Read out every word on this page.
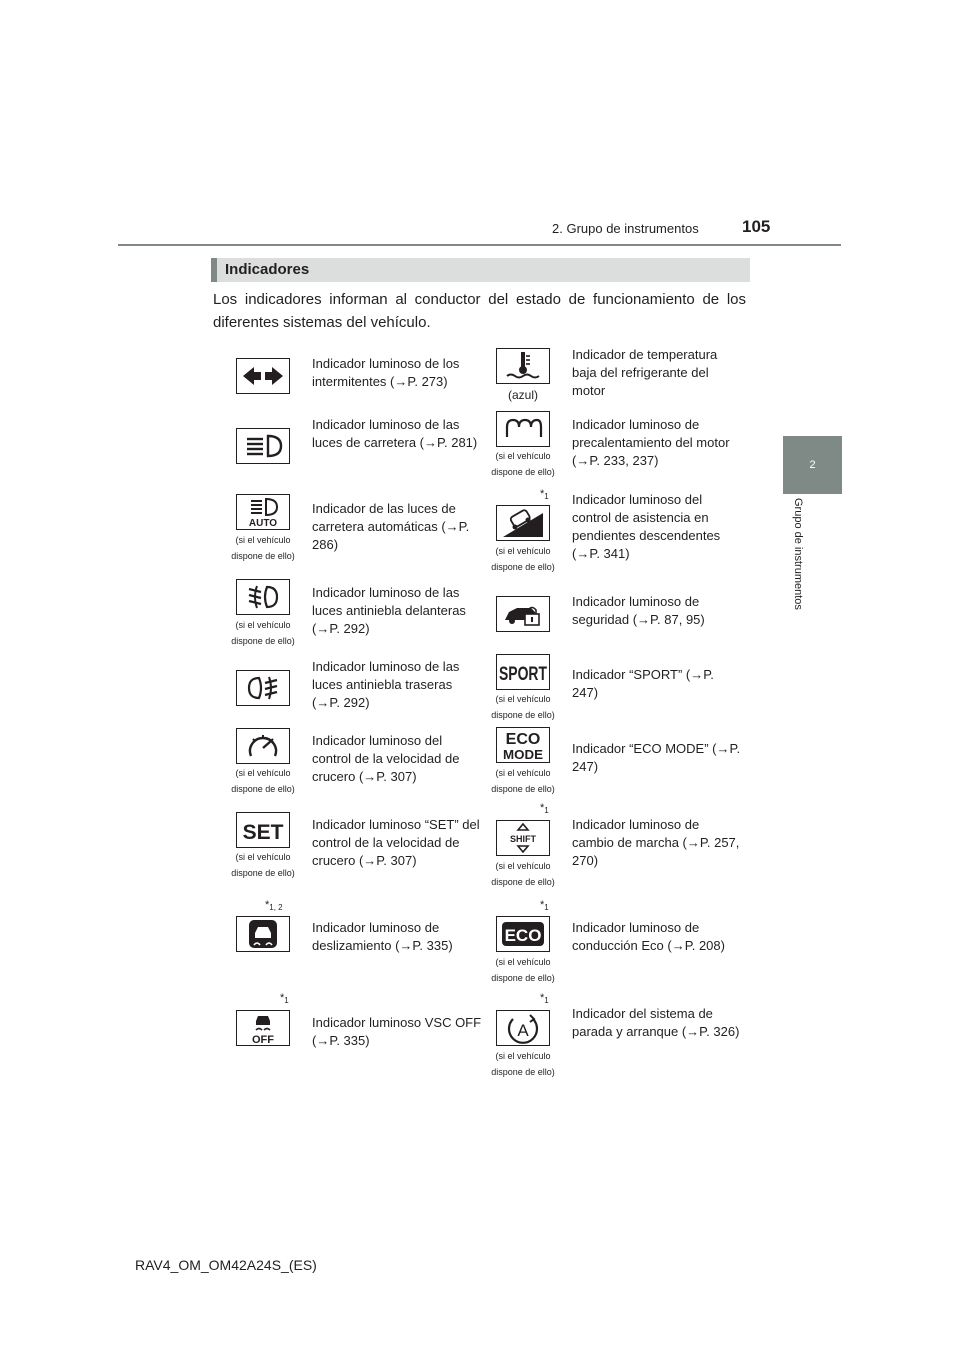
2. Grupo de instrumentos	105
2
Grupo de instrumentos
Indicadores
Los indicadores informan al conductor del estado de funcionamiento de los diferentes sistemas del vehículo.
Indicador luminoso de los intermitentes (→P. 273)
Indicador luminoso de las luces de carretera (→P. 281)
AUTO
(si el vehículo dispone de ello)
Indicador de las luces de carretera automáticas (→P. 286)
(si el vehículo dispone de ello)
Indicador luminoso de las luces antiniebla delanteras (→P. 292)
Indicador luminoso de las luces antiniebla traseras (→P. 292)
(si el vehículo dispone de ello)
Indicador luminoso del control de la velocidad de crucero (→P. 307)
SET
(si el vehículo dispone de ello)
Indicador luminoso “SET” del control de la velocidad de crucero (→P. 307)
$*_{1, 2}$
Indicador luminoso de deslizamiento (→P. 335)
$*_1$
OFF
Indicador luminoso VSC OFF (→P. 335)
(azul)
Indicador de temperatura baja del refrigerante del motor
(si el vehículo dispone de ello)
Indicador luminoso de precalentamiento del motor (→P. 233, 237)
$*_1$
(si el vehículo dispone de ello)
Indicador luminoso del control de asistencia en pendientes descendentes (→P. 341)
Indicador luminoso de seguridad (→P. 87, 95)
SPORT
(si el vehículo dispone de ello)
Indicador “SPORT” (→P. 247)
ECO
MODE
(si el vehículo dispone de ello)
Indicador “ECO MODE” (→P. 247)
$*_1$
SHIFT
(si el vehículo dispone de ello)
Indicador luminoso de cambio de marcha (→P. 257, 270)
$*_1$
ECO
(si el vehículo dispone de ello)
Indicador luminoso de conducción Eco (→P. 208)
$*_1$
A
(si el vehículo dispone de ello)
Indicador del sistema de parada y arranque (→P. 326)
RAV4_OM_OM42A24S_(ES)
